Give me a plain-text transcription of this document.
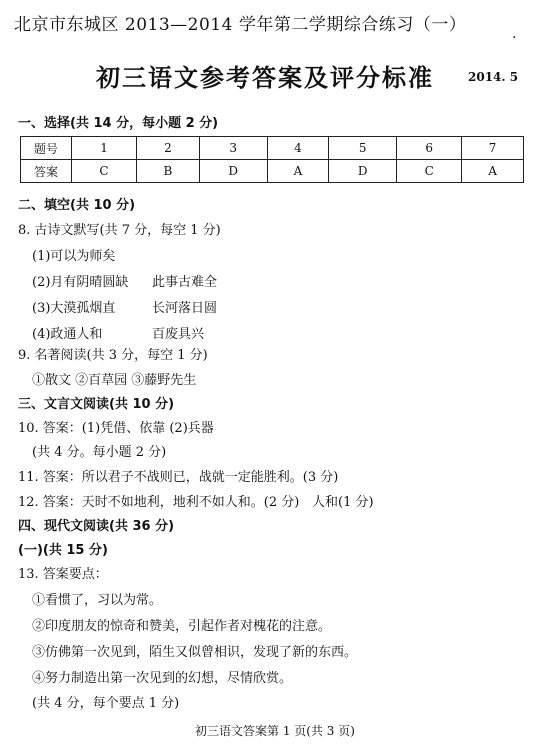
北京市东城区 2013—2014 学年第二学期综合练习（一）	.
初三语文参考答案及评分标准	2014. 5
一、选择(共 14 分，每小题 2 分)
题号	1	2	3	4	5	6	7
答案	C	B	D	A	D	C	A
二、填空(共 10 分)
8. 古诗文默写(共 7 分，每空 1 分)
(1)可以为师矣
(2)月有阴晴圆缺 此事古难全
(3)大漠孤烟直	长河落日圆
(4)政通人和	百废具兴
9. 名著阅读(共 3 分，每空 1 分)
①散文 ②百草园 ③藤野先生
三、文言文阅读(共 10 分)
10. 答案：(1)凭借、依靠 (2)兵器
(共 4 分。每小题 2 分)
11. 答案：所以君子不战则已，战就一定能胜利。(3 分)
12. 答案：天时不如地利，地利不如人和。(2 分) 人和(1 分)
四、现代文阅读(共 36 分)
(一)(共 15 分)
13. 答案要点：
①看惯了，习以为常。
②印度朋友的惊奇和赞美，引起作者对槐花的注意。
③仿佛第一次见到，陌生又似曾相识，发现了新的东西。
④努力制造出第一次见到的幻想，尽情欣赏。
(共 4 分，每个要点 1 分)
初三语文答案第 1 页(共 3 页)
